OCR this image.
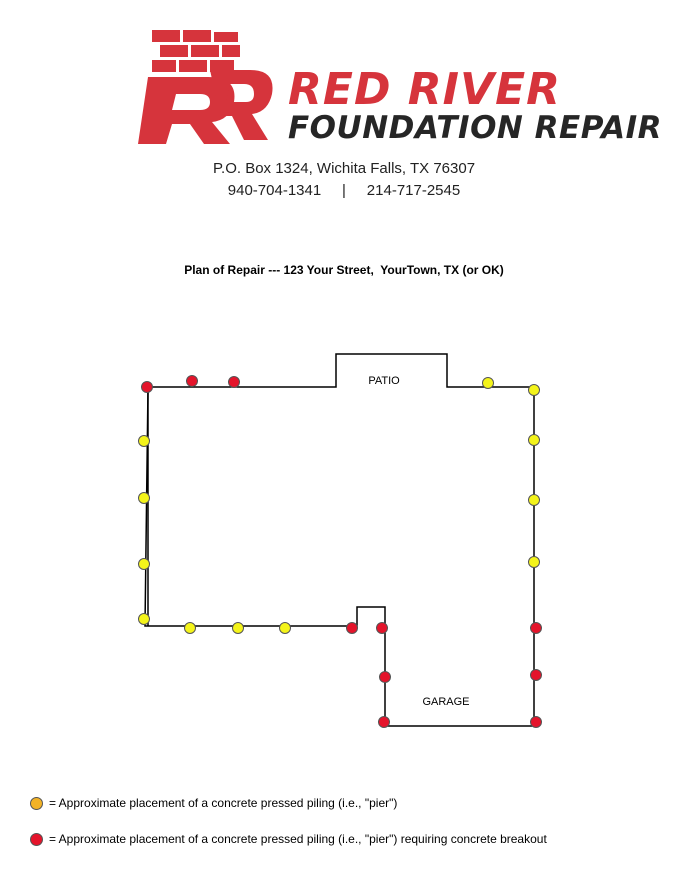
RED RIVER
FOUNDATION REPAIR
P.O. Box 1324, Wichita Falls, TX 76307
940-704-1341 | 214-717-2545
Plan of Repair --- 123 Your Street,  YourTown, TX (or OK)
PATIO
GARAGE
= Approximate placement of a concrete pressed piling (i.e., "pier")
= Approximate placement of a concrete pressed piling (i.e., "pier") requiring concrete breakout
